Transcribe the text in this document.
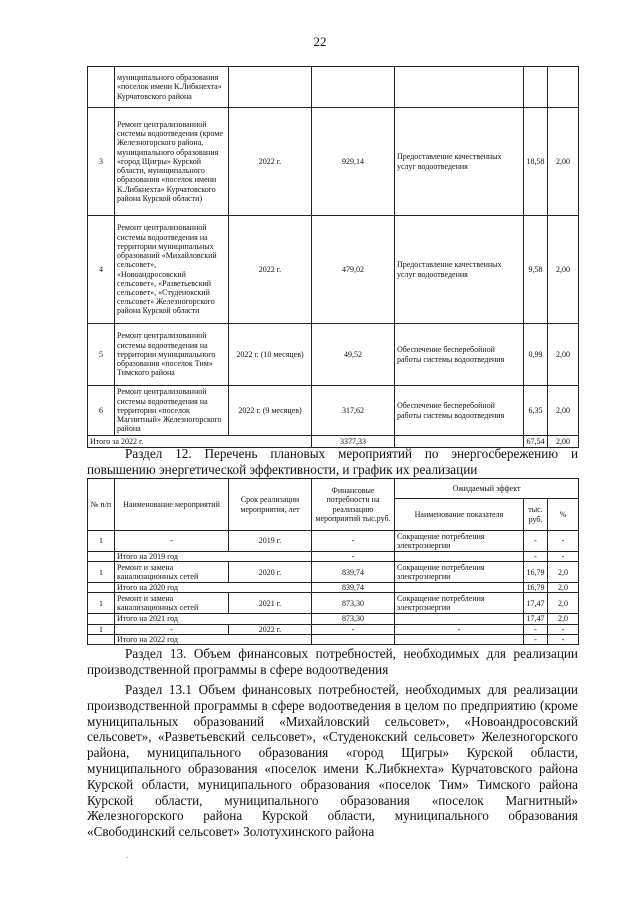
22
	муниципального образования «поселок имени К.Либкнехта» Курчатовского района					
3	Ремонт централизованной системы водоотведения (кроме Железногорского района, муниципального образования «город Щигры» Курской области, муниципального образования «поселок имени К.Либкнехта» Курчатовского района Курской области)	2022 г.	929,14	Предоставление качественных услуг водоотведения	18,58	2,00
4	Ремонт централизованной системы водоотведения на территории муниципальных образований «Михайловский сельсовет», «Новоандросовский сельсовет», «Разветьевский сельсовет», «Студенокский сельсовет» Железногорского района Курской области	2022 г.	479,02	Предоставление качественных услуг водоотведения	9,58	2,00
5	Ремонт централизованной системы водоотведения на территории муниципального образования «поселок Тим» Тимского района	2022 г. (10 месяцев)	49,52	Обеспечение бесперебойной работы системы водоотведения	0,99	2,00
6	Ремонт централизованной системы водоотведения на территории «поселок Магнитный» Железногорского района	2022 г. (9 месяцев)	317,62	Обеспечение бесперебойной работы системы водоотведения	6,35	2,00
Итого за 2022 г.			3377,33		67,54	2,00
Раздел 12. Перечень плановых мероприятий по энергосбережению и повышению энергетической эффективности, и график их реализации
№ п/п	Наименование мероприятий	Срок реализации мероприятия, лет	Финансовые потребности на реализацию мероприятий тыс.руб.	Ожидаемый эффект		
				Наименование показателя	тыс. руб.	%
1	-	2019 г.	-	Сокращение потребления электроэнергии	-	-
	Итого на 2019 год		-		-	-
1	Ремонт и замена канализационных сетей	2020 г.	839,74	Сокращение потребления электроэнергии	16,79	2,0
	Итого на 2020 год		839,74		16,79	2,0
1	Ремонт и замена канализационных сетей	2021 г.	873,30	Сокращение потребления электроэнергии	17,47	2,0
	Итого на 2021 год		873,30		17,47	2,0
1	-	2022 г.	-	-	-	-
	Итого на 2022 год				-	-
Раздел 13. Объем финансовых потребностей, необходимых для реализации производственной программы в сфере водоотведения
Раздел 13.1 Объем финансовых потребностей, необходимых для реализации производственной программы в сфере водоотведения в целом по предприятию (кроме муниципальных образований «Михайловский сельсовет», «Новоандросовский сельсовет», «Разветьевский сельсовет», «Студенокский сельсовет» Железногорского района, муниципального образования «город Щигры» Курской области, муниципального образования «поселок имени К.Либкнехта» Курчатовского района Курской области, муниципального образования «поселок Тим» Тимского района Курской области, муниципального образования «поселок Магнитный» Железногорского района Курской области, муниципального образования «Свободинский сельсовет» Золотухинского района
.
